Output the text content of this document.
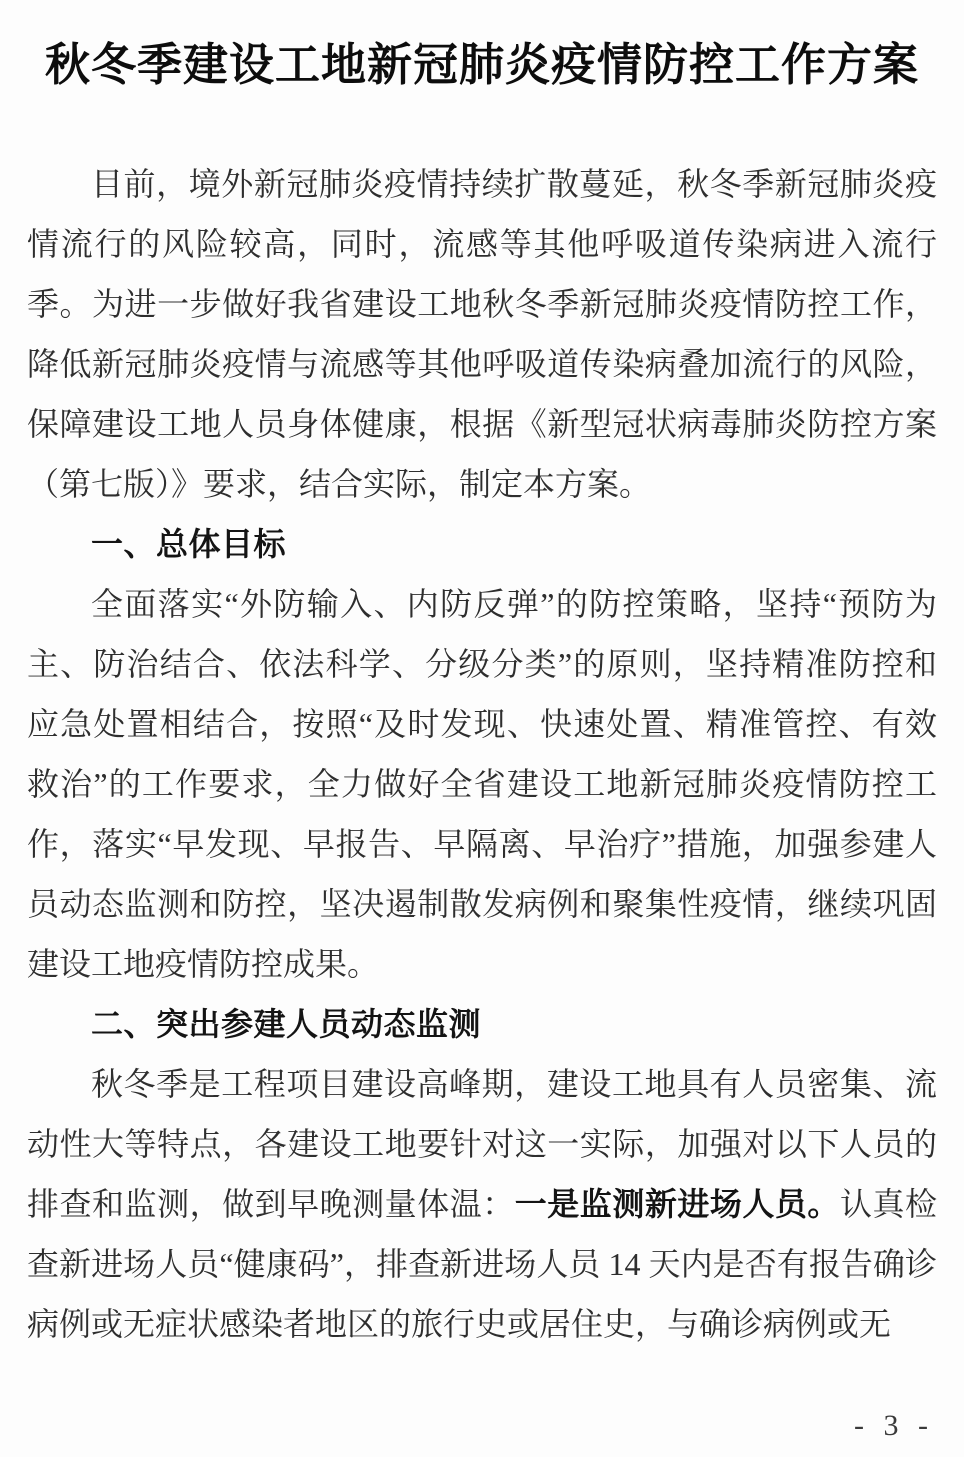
秋冬季建设工地新冠肺炎疫情防控工作方案

目前，境外新冠肺炎疫情持续扩散蔓延，秋冬季新冠肺炎疫情流行的风险较高，同时，流感等其他呼吸道传染病进入流行季。为进一步做好我省建设工地秋冬季新冠肺炎疫情防控工作，降低新冠肺炎疫情与流感等其他呼吸道传染病叠加流行的风险，保障建设工地人员身体健康，根据《新型冠状病毒肺炎防控方案（第七版）》要求，结合实际，制定本方案。

一、总体目标

全面落实“外防输入、内防反弹”的防控策略，坚持“预防为主、防治结合、依法科学、分级分类”的原则，坚持精准防控和应急处置相结合，按照“及时发现、快速处置、精准管控、有效救治”的工作要求，全力做好全省建设工地新冠肺炎疫情防控工作，落实“早发现、早报告、早隔离、早治疗”措施，加强参建人员动态监测和防控，坚决遏制散发病例和聚集性疫情，继续巩固建设工地疫情防控成果。

二、突出参建人员动态监测

秋冬季是工程项目建设高峰期，建设工地具有人员密集、流动性大等特点，各建设工地要针对这一实际，加强对以下人员的排查和监测，做到早晚测量体温：一是监测新进场人员。认真检查新进场人员“健康码”，排查新进场人员 14 天内是否有报告确诊病例或无症状感染者地区的旅行史或居住史，与确诊病例或无

- 3 -
